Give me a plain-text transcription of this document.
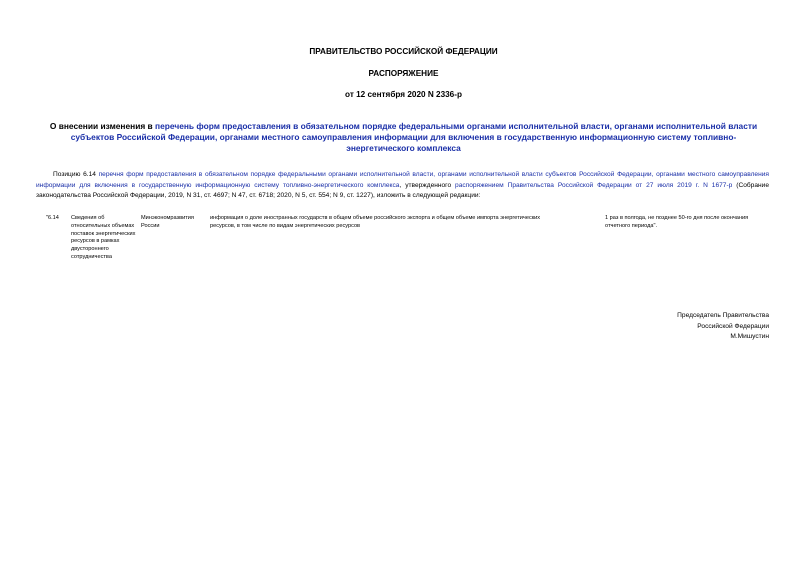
ПРАВИТЕЛЬСТВО РОССИЙСКОЙ ФЕДЕРАЦИИ
РАСПОРЯЖЕНИЕ
от 12 сентября 2020 N 2336-р
О внесении изменения в перечень форм предоставления в обязательном порядке федеральными органами исполнительной власти, органами исполнительной власти субъектов Российской Федерации, органами местного самоуправления информации для включения в государственную информационную систему топливно-энергетического комплекса
Позицию 6.14 перечня форм предоставления в обязательном порядке федеральными органами исполнительной власти, органами исполнительной власти субъектов Российской Федерации, органами местного самоуправления информации для включения в государственную информационную систему топливно-энергетического комплекса, утвержденного распоряжением Правительства Российской Федерации от 27 июля 2019 г. N 1677-р (Собрание законодательства Российской Федерации, 2019, N 31, ст. 4697; N 47, ст. 6718; 2020, N 5, ст. 554; N 9, ст. 1227), изложить в следующей редакции:
"6.14	Сведения об относительных объемах поставок энергетических ресурсов в рамках двустороннего сотрудничества
Минэкономразвития России
информация о доле иностранных государств в общем объеме российского экспорта и общем объеме импорта энергетических ресурсов, в том числе по видам энергетических ресурсов
1 раз в полгода, не позднее 50-го дня после окончания отчетного периода".
Председатель Правительства
Российской Федерации
М.Мишустин
